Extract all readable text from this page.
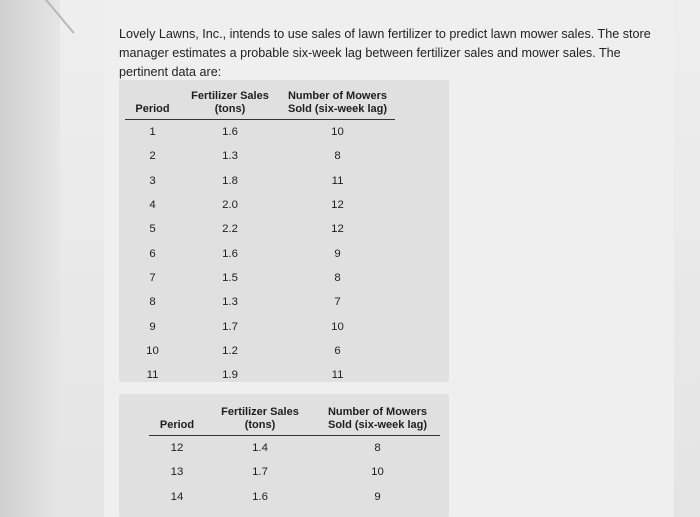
Lovely Lawns, Inc., intends to use sales of lawn fertilizer to predict lawn mower sales. The store manager estimates a probable six-week lag between fertilizer sales and mower sales. The pertinent data are:

Period	Fertilizer Sales (tons)	Number of Mowers Sold (six-week lag)
1	1.6	10
2	1.3	8
3	1.8	11
4	2.0	12
5	2.2	12
6	1.6	9
7	1.5	8
8	1.3	7
9	1.7	10
10	1.2	6
11	1.9	11
Period	Fertilizer Sales (tons)	Number of Mowers Sold (six-week lag)
12	1.4	8
13	1.7	10
14	1.6	9
